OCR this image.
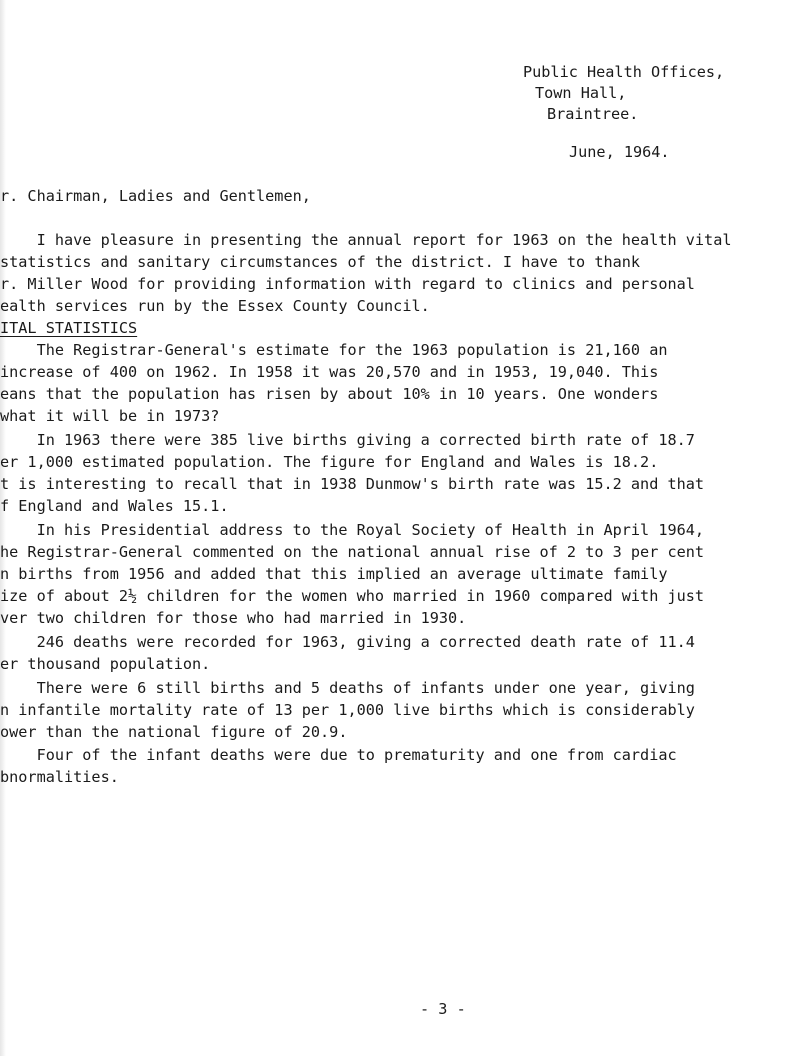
Public Health Offices,
Town Hall,
Braintree.
June, 1964.
r. Chairman, Ladies and Gentlemen,
I have pleasure in presenting the annual report for 1963 on the health vital
statistics and sanitary circumstances of the district. I have to thank
r. Miller Wood for providing information with regard to clinics and personal
ealth services run by the Essex County Council.
ITAL STATISTICS
The Registrar-General's estimate for the 1963 population is 21,160 an
increase of 400 on 1962. In 1958 it was 20,570 and in 1953, 19,040. This
eans that the population has risen by about 10% in 10 years. One wonders
what it will be in 1973?
In 1963 there were 385 live births giving a corrected birth rate of 18.7
er 1,000 estimated population. The figure for England and Wales is 18.2.
t is interesting to recall that in 1938 Dunmow's birth rate was 15.2 and that
f England and Wales 15.1.
In his Presidential address to the Royal Society of Health in April 1964,
he Registrar-General commented on the national annual rise of 2 to 3 per cent
n births from 1956 and added that this implied an average ultimate family
ize of about 2½ children for the women who married in 1960 compared with just
ver two children for those who had married in 1930.
246 deaths were recorded for 1963, giving a corrected death rate of 11.4
er thousand population.
There were 6 still births and 5 deaths of infants under one year, giving
n infantile mortality rate of 13 per 1,000 live births which is considerably
ower than the national figure of 20.9.
Four of the infant deaths were due to prematurity and one from cardiac
bnormalities.
- 3 -
